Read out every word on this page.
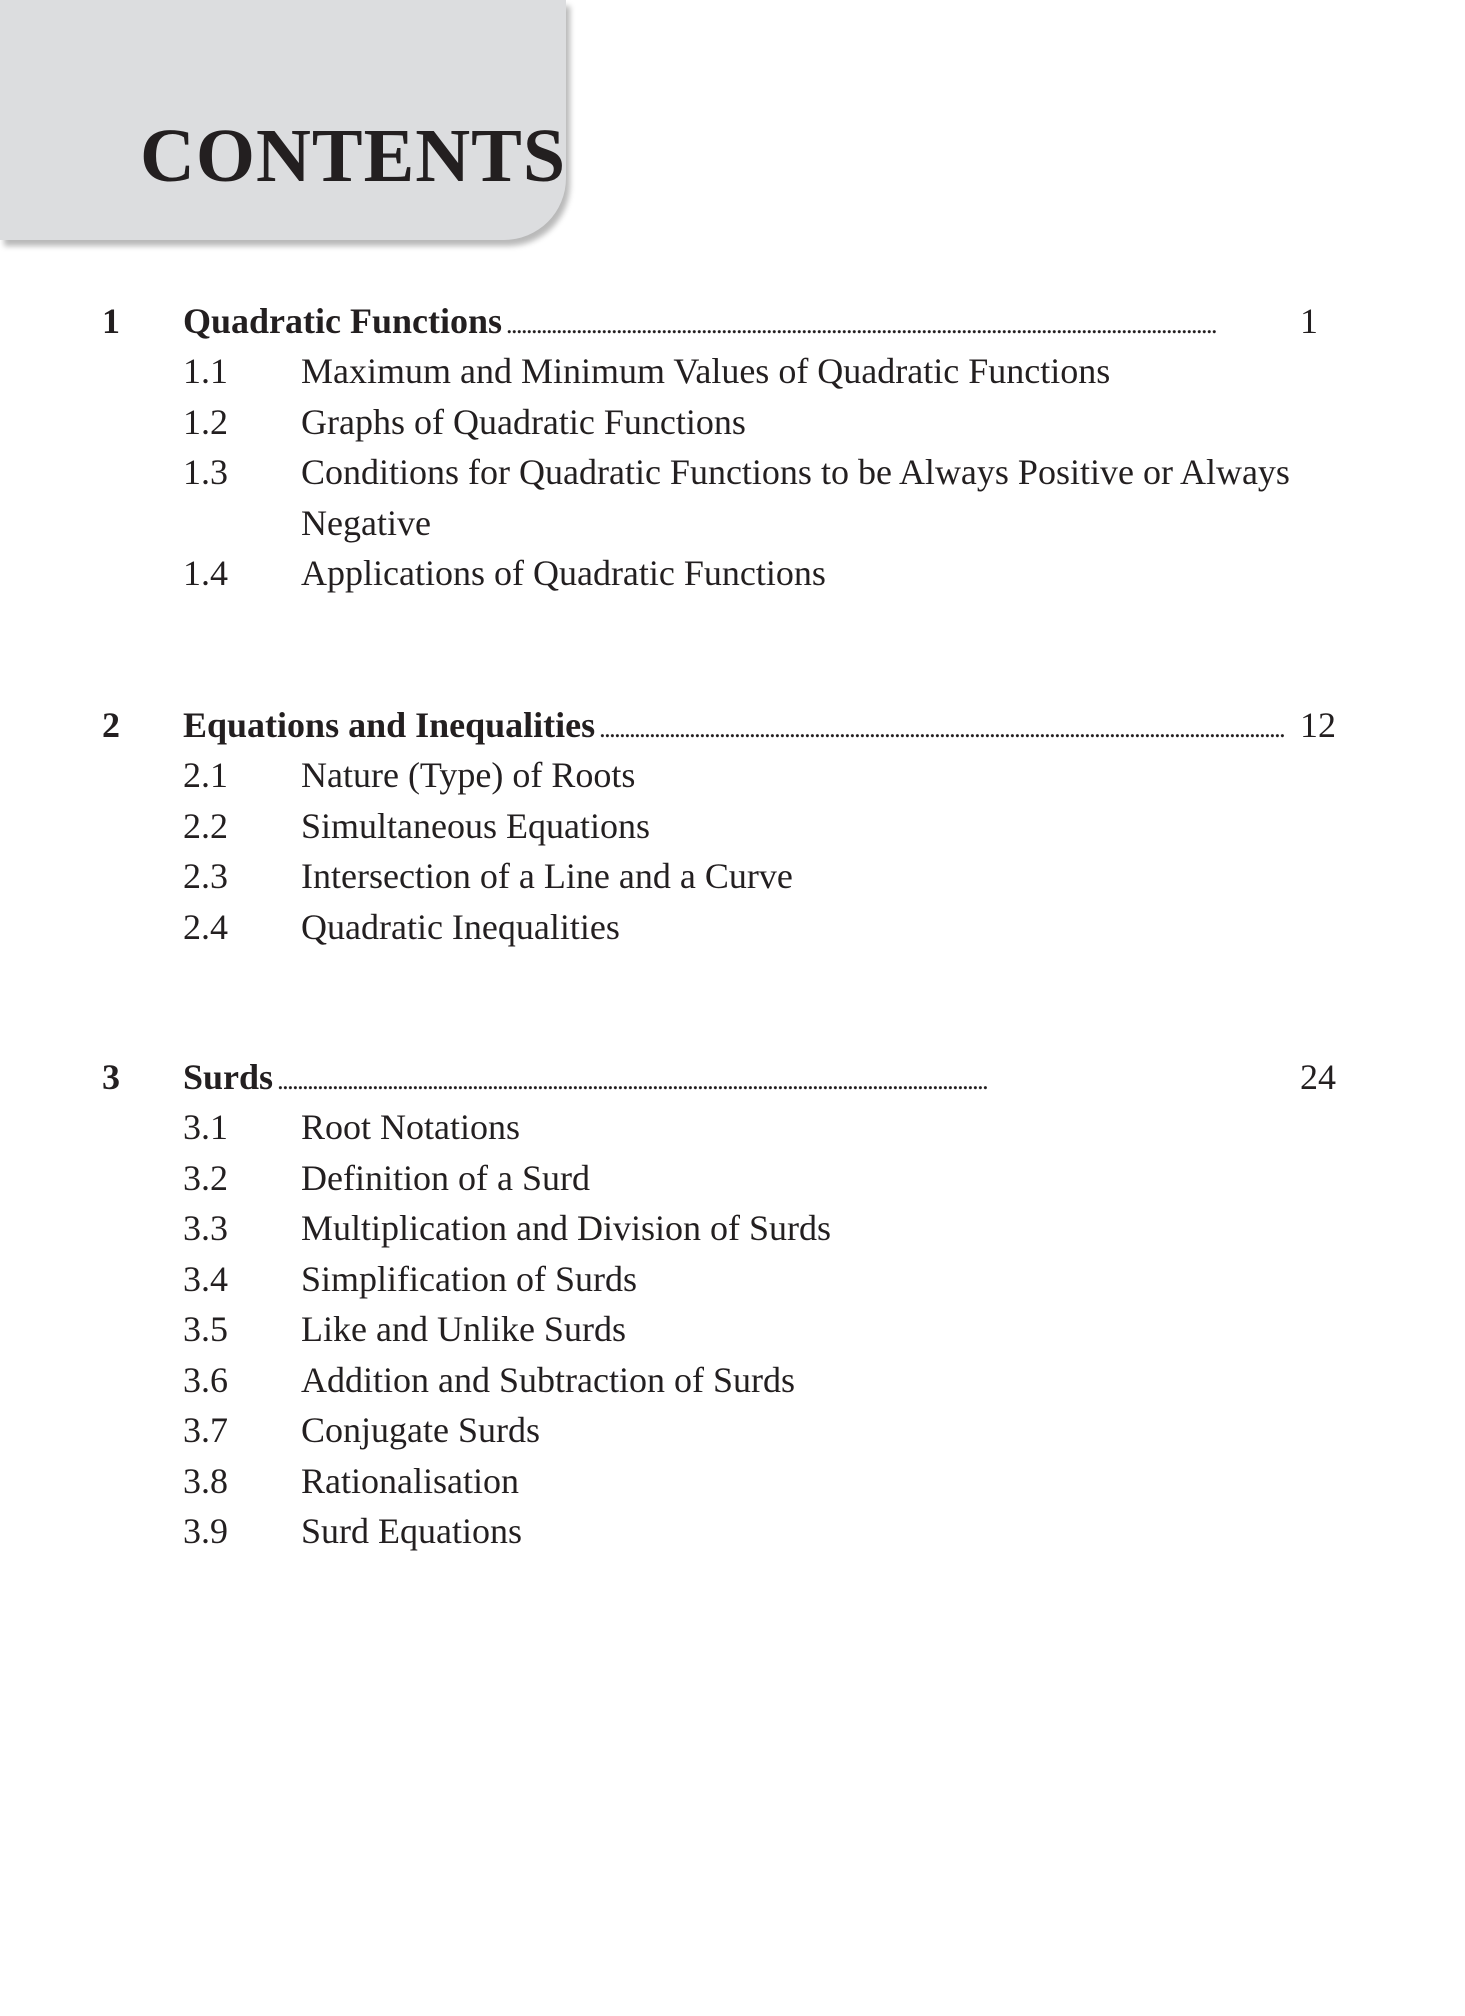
CONTENTS
1 Quadratic Functions . . .	1
1.1 Maximum and Minimum Values of Quadratic Functions
1.2 Graphs of Quadratic Functions
1.3 Conditions for Quadratic Functions to be Always Positive or Always Negative
1.4 Applications of Quadratic Functions
2 Equations and Inequalities . . .	12
2.1 Nature (Type) of Roots
2.2 Simultaneous Equations
2.3 Intersection of a Line and a Curve
2.4 Quadratic Inequalities
3 Surds . . .	24
3.1 Root Notations
3.2 Definition of a Surd
3.3 Multiplication and Division of Surds
3.4 Simplification of Surds
3.5 Like and Unlike Surds
3.6 Addition and Subtraction of Surds
3.7 Conjugate Surds
3.8 Rationalisation
3.9 Surd Equations
